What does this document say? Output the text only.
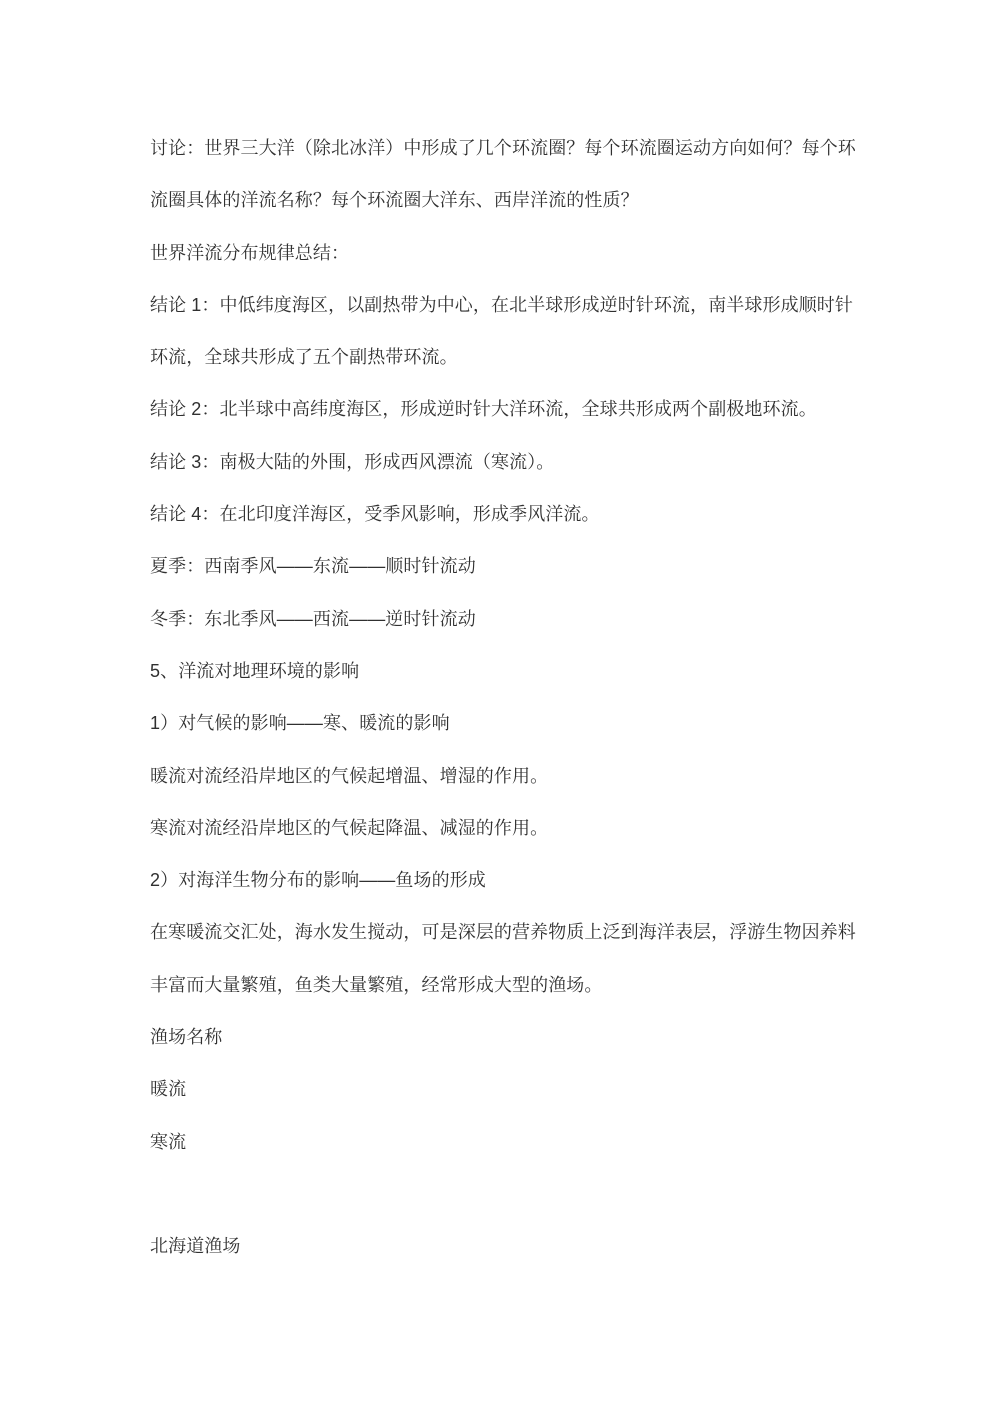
讨论：世界三大洋（除北冰洋）中形成了几个环流圈？每个环流圈运动方向如何？每个环

流圈具体的洋流名称？每个环流圈大洋东、西岸洋流的性质？

世界洋流分布规律总结：

结论 1：中低纬度海区，以副热带为中心，在北半球形成逆时针环流，南半球形成顺时针

环流，全球共形成了五个副热带环流。

结论 2：北半球中高纬度海区，形成逆时针大洋环流，全球共形成两个副极地环流。

结论 3：南极大陆的外围，形成西风漂流（寒流）。

结论 4：在北印度洋海区，受季风影响，形成季风洋流。

夏季：西南季风——东流——顺时针流动

冬季：东北季风——西流——逆时针流动

5、洋流对地理环境的影响

1）对气候的影响——寒、暖流的影响

暖流对流经沿岸地区的气候起增温、增湿的作用。

寒流对流经沿岸地区的气候起降温、减湿的作用。

2）对海洋生物分布的影响——鱼场的形成

在寒暖流交汇处，海水发生搅动，可是深层的营养物质上泛到海洋表层，浮游生物因养料

丰富而大量繁殖，鱼类大量繁殖，经常形成大型的渔场。

渔场名称

暖流

寒流

北海道渔场
